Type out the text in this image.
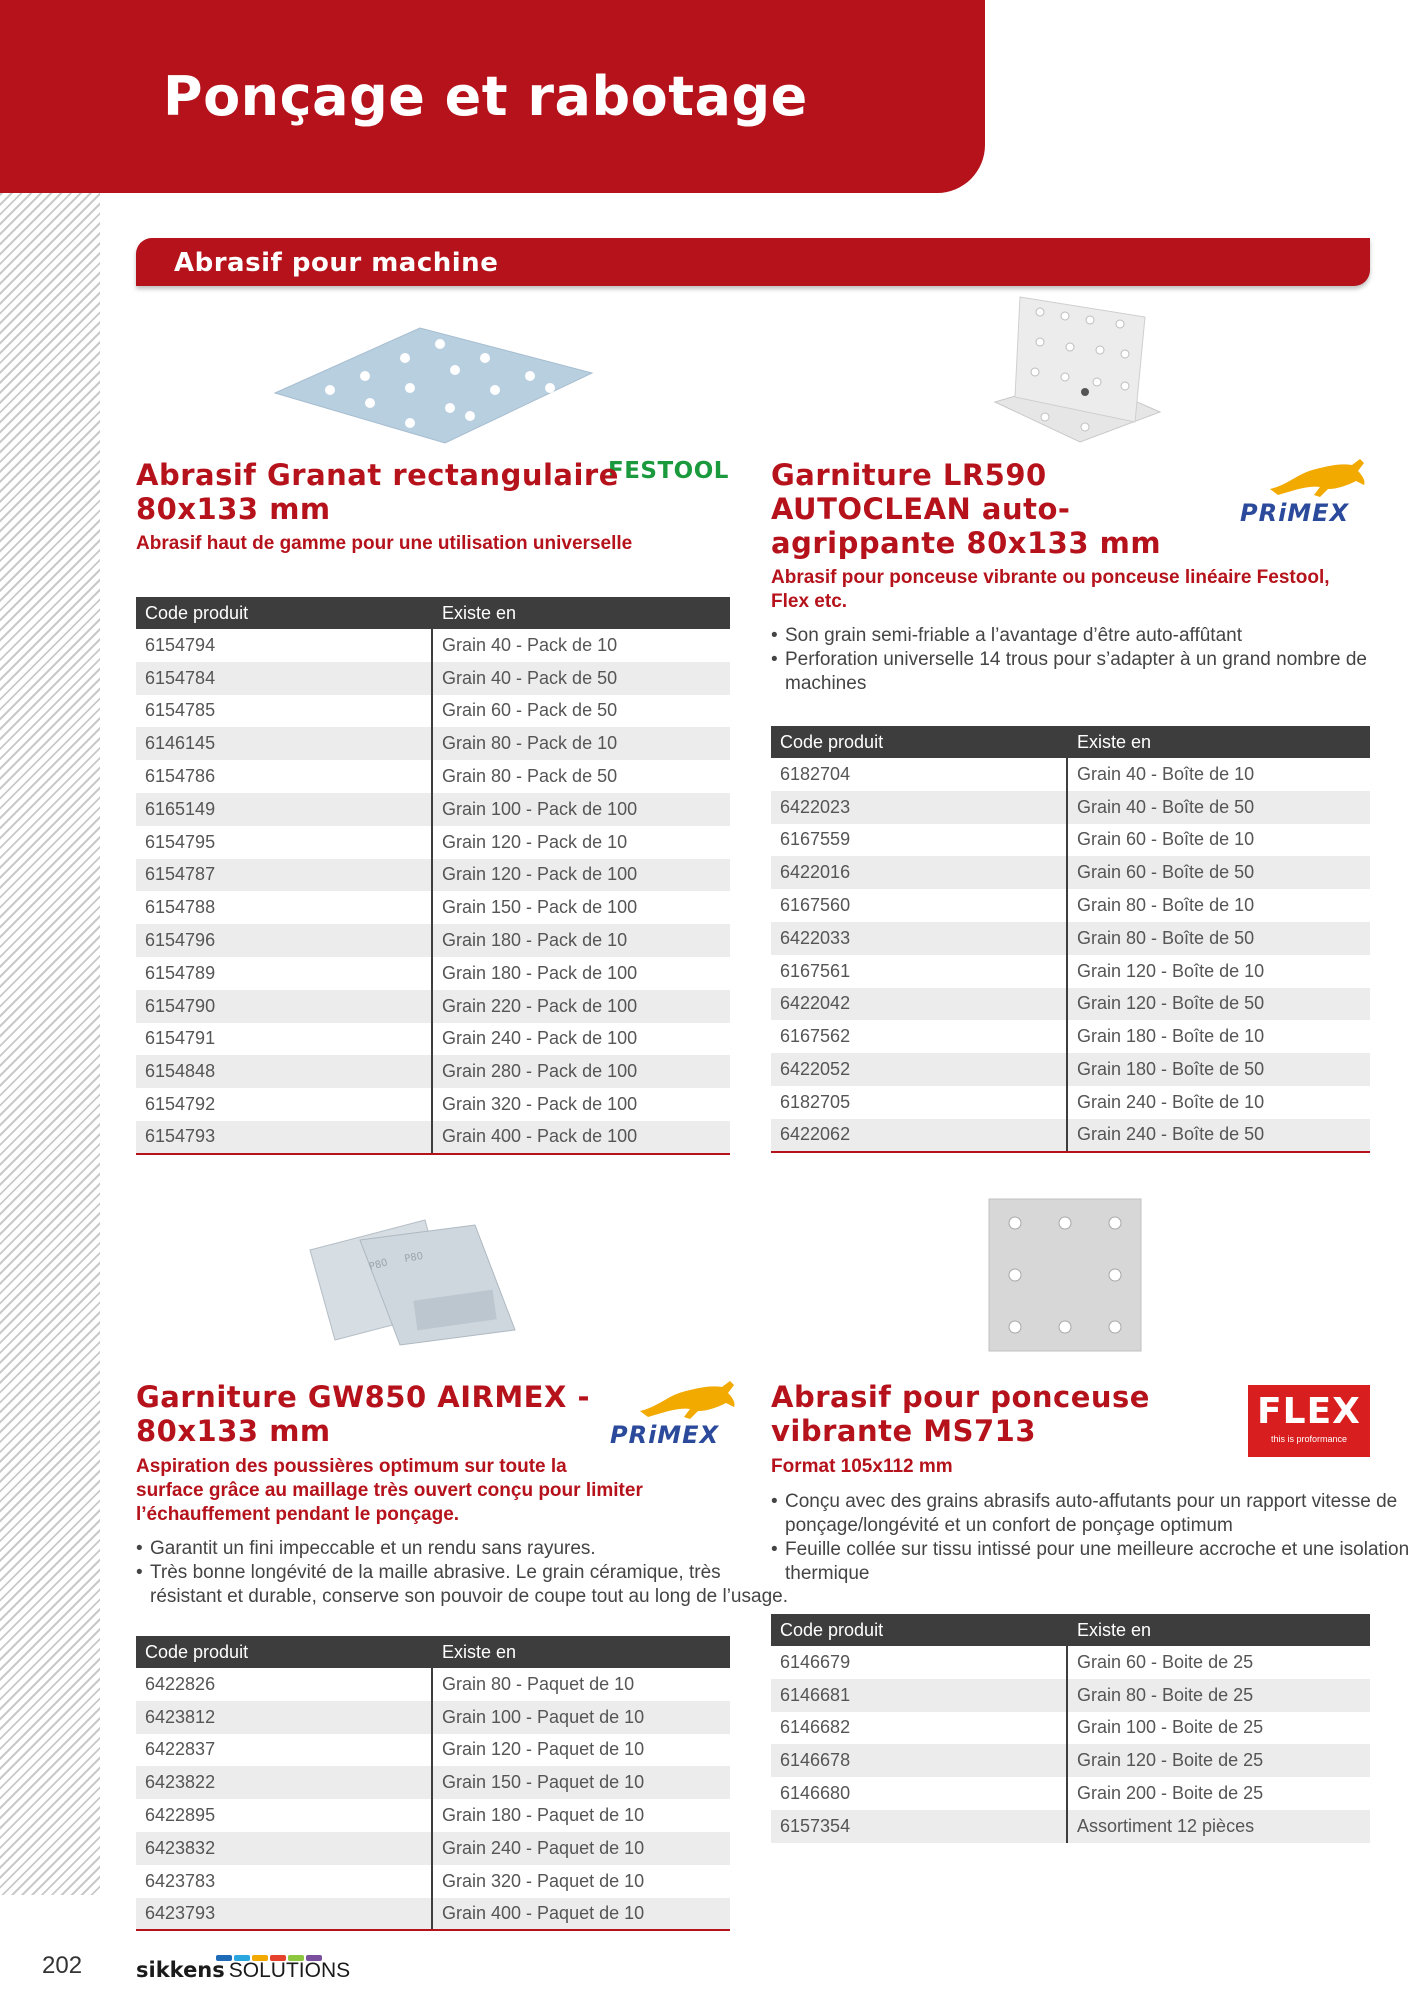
Ponçage et rabotage
Abrasif pour machine
P80 P80
FESTOOL
PRiMEX
PRiMEX
FLEX
this is proformance
Abrasif Granat rectangulaire
80x133 mm
Abrasif haut de gamme pour une utilisation universelle
Code produit	Existe en
6154794	Grain 40 - Pack de 10
6154784	Grain 40 - Pack de 50
6154785	Grain 60 - Pack de 50
6146145	Grain 80 - Pack de 10
6154786	Grain 80 - Pack de 50
6165149	Grain 100 - Pack de 100
6154795	Grain 120 - Pack de 10
6154787	Grain 120 - Pack de 100
6154788	Grain 150 - Pack de 100
6154796	Grain 180 - Pack de 10
6154789	Grain 180 - Pack de 100
6154790	Grain 220 - Pack de 100
6154791	Grain 240 - Pack de 100
6154848	Grain 280 - Pack de 100
6154792	Grain 320 - Pack de 100
6154793	Grain 400 - Pack de 100
Garniture LR590
AUTOCLEAN auto-
agrippante 80x133 mm
Abrasif pour ponceuse vibrante ou ponceuse linéaire Festool,
Flex etc.
• Son grain semi-friable a l’avantage d’être auto-affûtant
• Perforation universelle 14 trous pour s’adapter à un grand nombre de
machines
Code produit	Existe en
6182704	Grain 40 - Boîte de 10
6422023	Grain 40 - Boîte de 50
6167559	Grain 60 - Boîte de 10
6422016	Grain 60 - Boîte de 50
6167560	Grain 80 - Boîte de 10
6422033	Grain 80 - Boîte de 50
6167561	Grain 120 - Boîte de 10
6422042	Grain 120 - Boîte de 50
6167562	Grain 180 - Boîte de 10
6422052	Grain 180 - Boîte de 50
6182705	Grain 240 - Boîte de 10
6422062	Grain 240 - Boîte de 50
Garniture GW850 AIRMEX -
80x133 mm
Aspiration des poussières optimum sur toute la
surface grâce au maillage très ouvert conçu pour limiter
l’échauffement pendant le ponçage.
• Garantit un fini impeccable et un rendu sans rayures.
• Très bonne longévité de la maille abrasive. Le grain céramique, très
résistant et durable, conserve son pouvoir de coupe tout au long de l’usage.
Code produit	Existe en
6422826	Grain 80 - Paquet de 10
6423812	Grain 100 - Paquet de 10
6422837	Grain 120 - Paquet de 10
6423822	Grain 150 - Paquet de 10
6422895	Grain 180 - Paquet de 10
6423832	Grain 240 - Paquet de 10
6423783	Grain 320 - Paquet de 10
6423793	Grain 400 - Paquet de 10
Abrasif pour ponceuse
vibrante MS713
Format 105x112 mm
• Conçu avec des grains abrasifs auto-affutants pour un rapport vitesse de
ponçage/longévité et un confort de ponçage optimum
• Feuille collée sur tissu intissé pour une meilleure accroche et une isolation
thermique
Code produit	Existe en
6146679	Grain 60 - Boite de 25
6146681	Grain 80 - Boite de 25
6146682	Grain 100 - Boite de 25
6146678	Grain 120 - Boite de 25
6146680	Grain 200 - Boite de 25
6157354	Assortiment 12 pièces
202	sikkens SOLUTIONS
